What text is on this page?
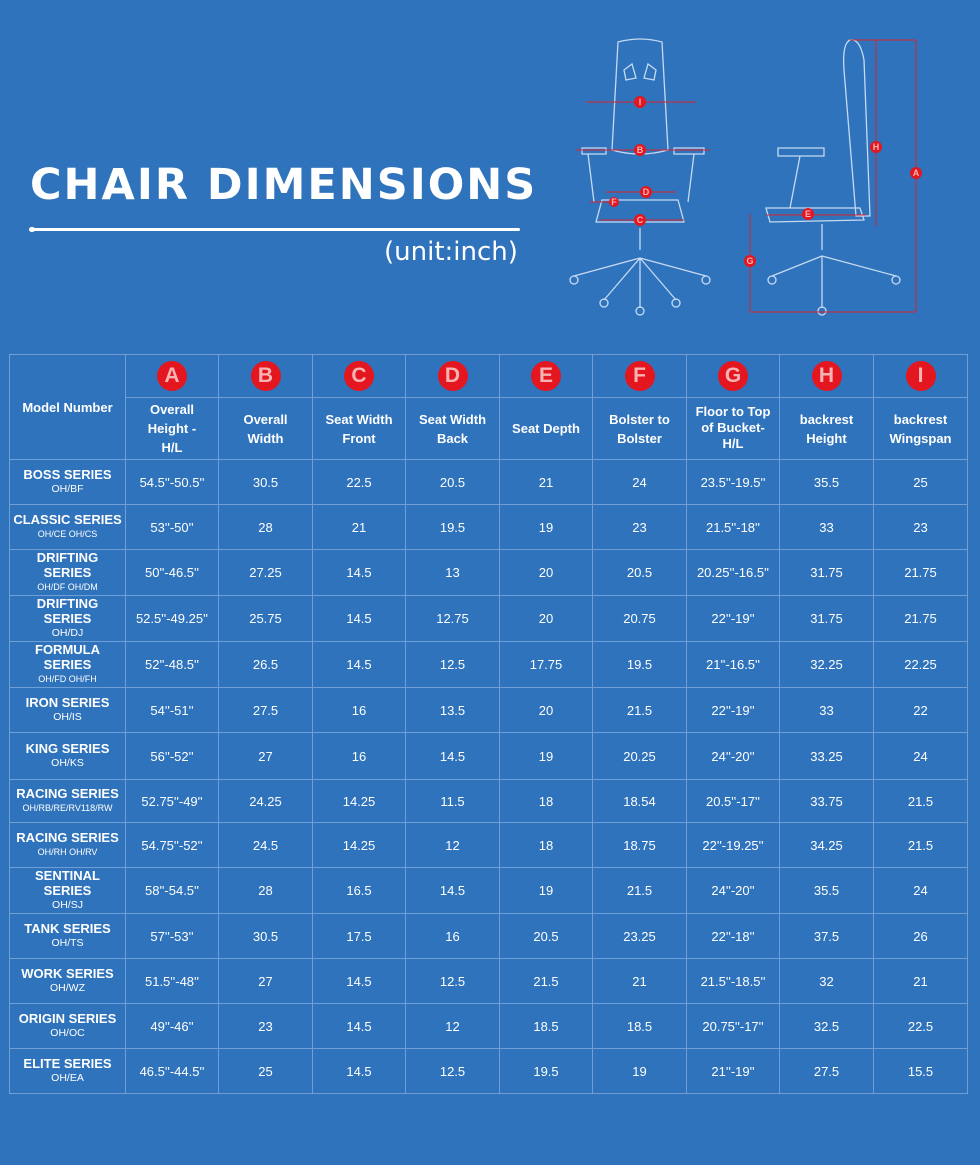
CHAIR DIMENSIONS
(unit:inch)
I
B
D
F
C
H
A
E
G
Model Number	A	B	C	D	E	F	G	H	I
	Overall Height -H/L	Overall Width	Seat Width Front	Seat Width Back	Seat Depth	Bolster to Bolster	Floor to Top of Bucket- H/L	backrest Height	backrest Wingspan

BOSS SERIES
OH/BF	54.5''-50.5''	30.5	22.5	20.5	21	24	23.5''-19.5''	35.5	25

CLASSIC SERIES
OH/CE OH/CS	53''-50''	28	21	19.5	19	23	21.5''-18''	33	23

DRIFTING SERIES
OH/DF OH/DM	50''-46.5''	27.25	14.5	13	20	20.5	20.25''-16.5''	31.75	21.75

DRIFTING SERIES
OH/DJ	52.5''-49.25''	25.75	14.5	12.75	20	20.75	22''-19''	31.75	21.75

FORMULA SERIES
OH/FD OH/FH	52''-48.5''	26.5	14.5	12.5	17.75	19.5	21''-16.5''	32.25	22.25

IRON SERIES
OH/IS	54''-51''	27.5	16	13.5	20	21.5	22''-19''	33	22

KING SERIES
OH/KS	56''-52''	27	16	14.5	19	20.25	24''-20''	33.25	24

RACING SERIES
OH/RB/RE/RV118/RW	52.75''-49''	24.25	14.25	11.5	18	18.54	20.5''-17''	33.75	21.5

RACING SERIES
OH/RH OH/RV	54.75''-52''	24.5	14.25	12	18	18.75	22''-19.25''	34.25	21.5

SENTINAL SERIES
OH/SJ	58''-54.5''	28	16.5	14.5	19	21.5	24''-20''	35.5	24

TANK SERIES
OH/TS	57''-53''	30.5	17.5	16	20.5	23.25	22''-18''	37.5	26

WORK SERIES
OH/WZ	51.5''-48''	27	14.5	12.5	21.5	21	21.5''-18.5''	32	21

ORIGIN SERIES
OH/OC	49''-46''	23	14.5	12	18.5	18.5	20.75''-17''	32.5	22.5

ELITE SERIES
OH/EA	46.5''-44.5''	25	14.5	12.5	19.5	19	21''-19''	27.5	15.5
